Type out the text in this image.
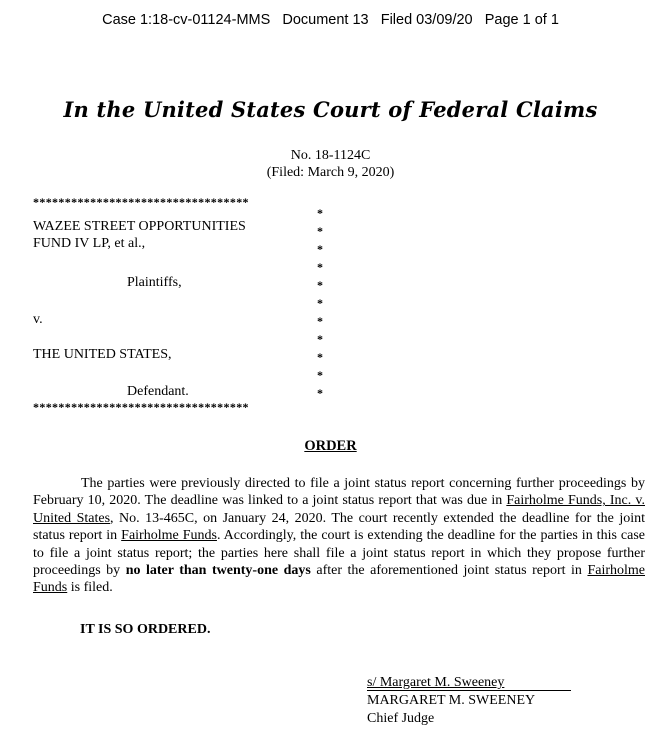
Case 1:18-cv-01124-MMS Document 13 Filed 03/09/20 Page 1 of 1
In the United States Court of Federal Claims
No. 18-1124C
(Filed: March 9, 2020)
**********************************
**********************************
*
*
*
*
*
*
*
*
*
*
*
WAZEE STREET OPPORTUNITIES
FUND IV LP, et al.,
Plaintiffs,
v.
THE UNITED STATES,
Defendant.
ORDER
The parties were previously directed to file a joint status report concerning further proceedings by February 10, 2020. The deadline was linked to a joint status report that was due in Fairholme Funds, Inc. v. United States, No. 13-465C, on January 24, 2020. The court recently extended the deadline for the joint status report in Fairholme Funds. Accordingly, the court is extending the deadline for the parties in this case to file a joint status report; the parties here shall file a joint status report in which they propose further proceedings by no later than twenty-one days after the aforementioned joint status report in Fairholme Funds is filed.
IT IS SO ORDERED.
s/ Margaret M. Sweeney
MARGARET M. SWEENEY
Chief Judge
